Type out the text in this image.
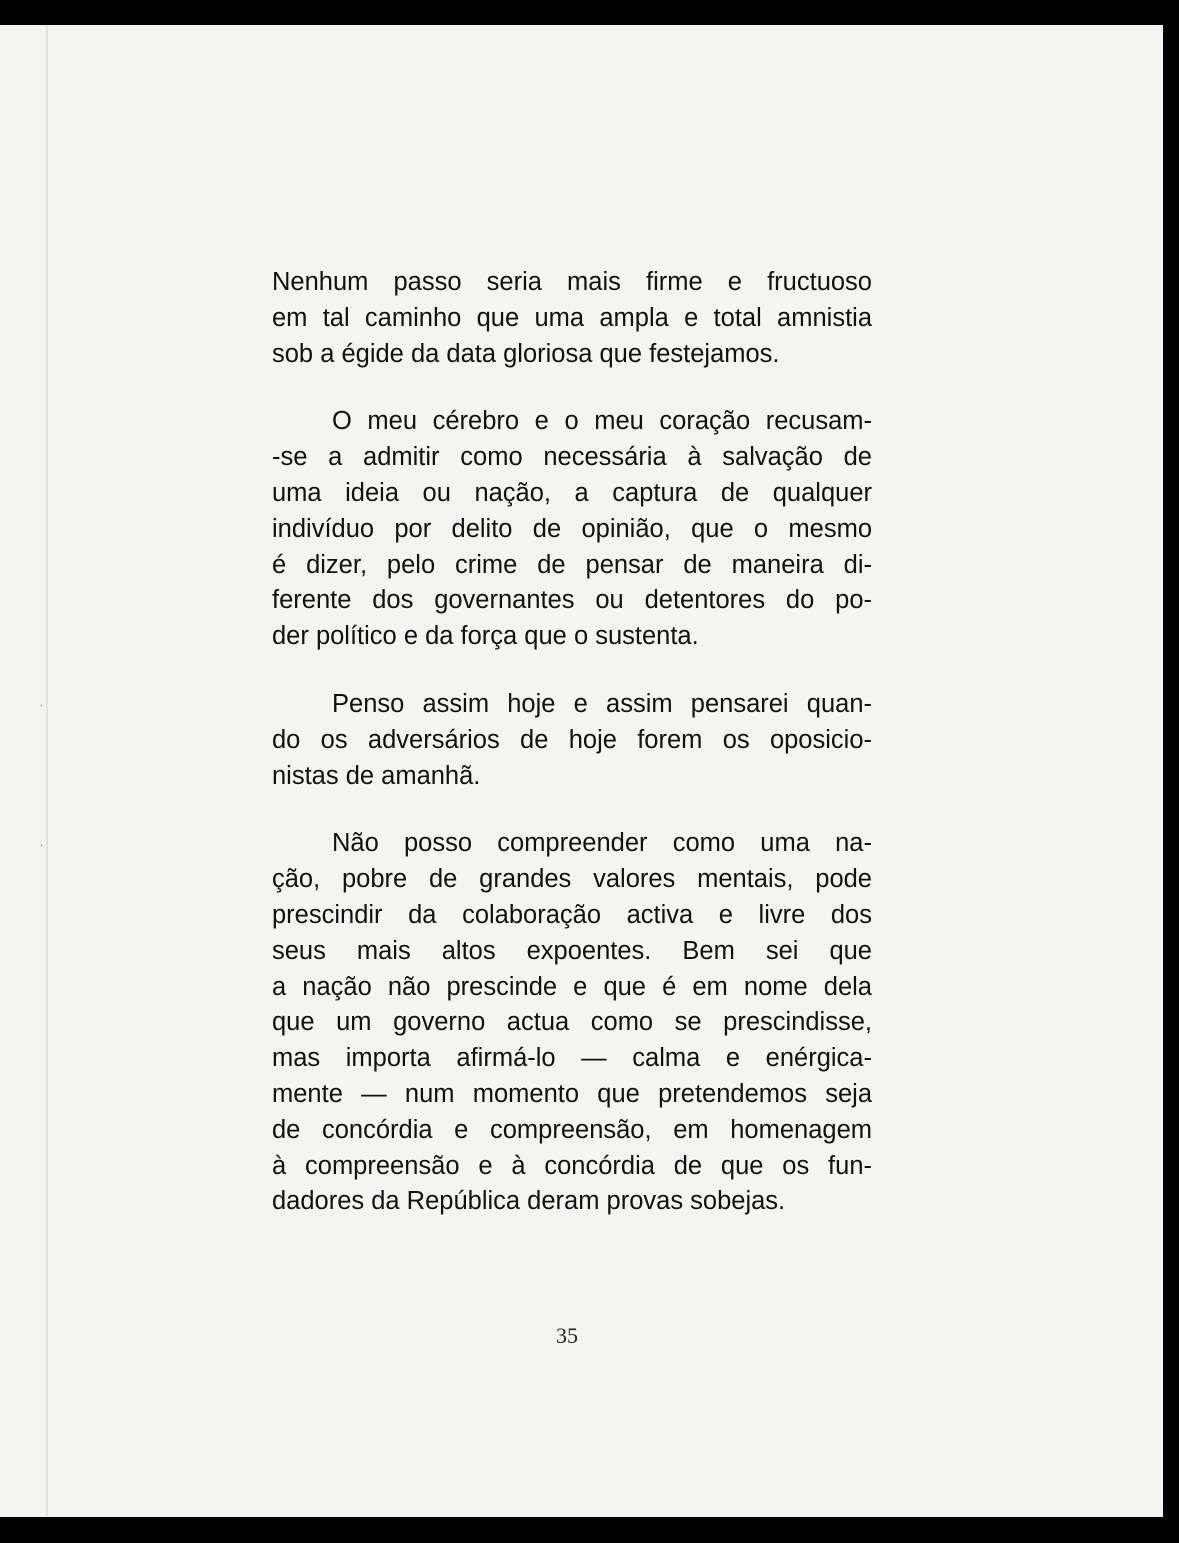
Nenhum passo seria mais firme e fructuoso
em tal caminho que uma ampla e total amnistia
sob a égide da data gloriosa que festejamos.

O meu cérebro e o meu coração recusam-
-se a admitir como necessária à salvação de
uma ideia ou nação, a captura de qualquer
indivíduo por delito de opinião, que o mesmo
é dizer, pelo crime de pensar de maneira di-
ferente dos governantes ou detentores do po-
der político e da força que o sustenta.

Penso assim hoje e assim pensarei quan-
do os adversários de hoje forem os oposicio-
nistas de amanhã.

Não posso compreender como uma na-
ção, pobre de grandes valores mentais, pode
prescindir da colaboração activa e livre dos
seus mais altos expoentes. Bem sei que
a nação não prescinde e que é em nome dela
que um governo actua como se prescindisse,
mas importa afirmá-lo — calma e enérgica-
mente — num momento que pretendemos seja
de concórdia e compreensão, em homenagem
à compreensão e à concórdia de que os fun-
dadores da República deram provas sobejas.

35
·
·
